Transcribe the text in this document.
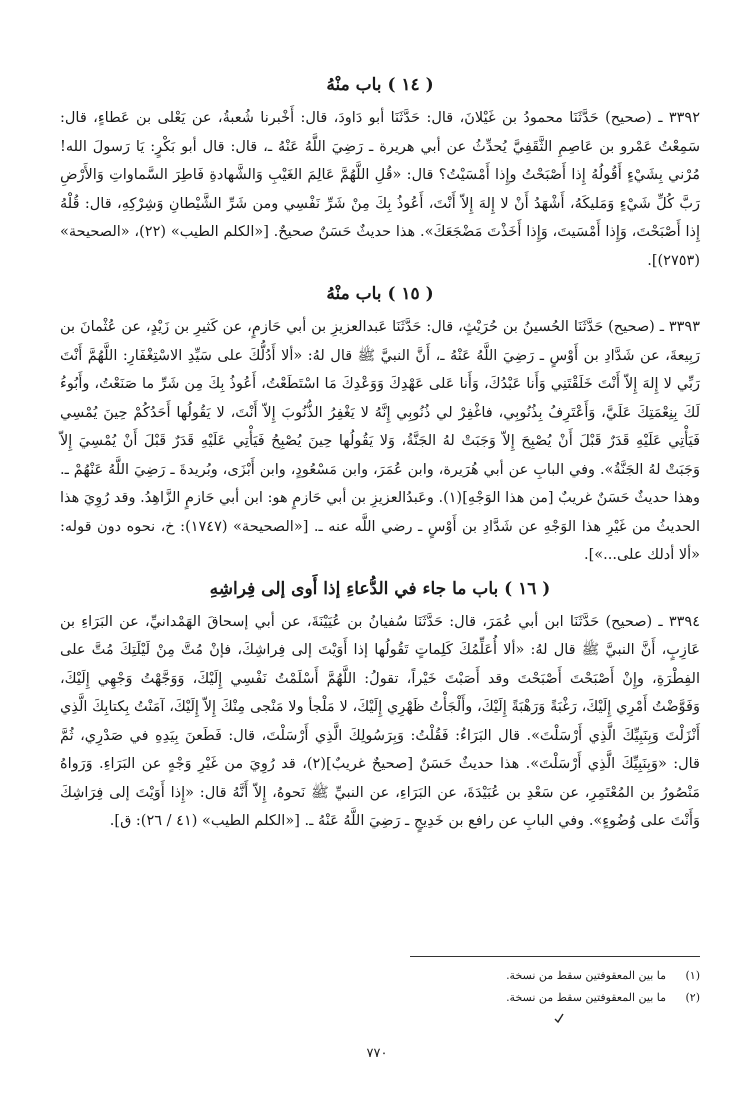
( ١٤ ) باب منْهُ

٣٣٩٢ ـ (صحيح) حَدَّثَنَا محمودُ بن غَيْلانَ، قال: حَدَّثَنَا أبو دَاودَ، قال: أَخْبرنا شُعبةُ، عن يَعْلى بن عَطاءٍ، قال: سَمِعْتُ عَمْرو بن عَاصِمِ الثَّقَفِيَّ يُحدِّثُ عن أبي هريرة ـ رَضِيَ اللَّهُ عَنْهُ ـ، قال: قال أبو بَكْرٍ: يَا رَسولَ الله! مُرْني بِشَيْءٍ أَقُولُهُ إِذا أَصْبَحْتُ وإِذا أَمْسَيْتُ؟ قال: «قُلِ اللَّهُمَّ عَالِمَ الغَيْبِ وَالشَّهادةِ فَاطِرَ السَّماواتِ وَالأَرْضِ رَبَّ كُلِّ شَيْءٍ وَمَليكَهُ، أَشْهَدُ أَنْ لا إِلهَ إِلاّ أَنْتَ، أَعُوذُ بِكَ مِنْ شَرِّ نَفْسِي ومن شَرِّ الشَّيْطانِ وَشِرْكِهِ، قال: قُلْهُ إِذا أَصْبَحْتَ، وَإِذا أَمْسَيتَ، وَإِذا أَخَذْتَ مَضْجَعَكَ». هذا حديثٌ حَسَنٌ صحيحٌ. [«الكلم الطيب» (٢٢)، «الصحيحة» (٢٧٥٣)].

( ١٥ ) باب منْهُ

٣٣٩٣ ـ (صحيح) حَدَّثَنَا الحُسينُ بن حُرَيْثٍ، قال: حَدَّثَنَا عَبدالعزيزِ بن أبي حَازمٍ، عن كَثيرِ بن زَيْدٍ، عن عُثْمانَ بن رَبِيعةَ، عن شَدَّادِ بن أَوْسٍ ـ رَضِيَ اللَّهُ عَنْهُ ـ، أَنَّ النبيَّ ﷺ قال لهُ: «ألا أَدُلُّكَ على سَيِّدِ الاسْتِغْفَارِ: اللَّهُمَّ أَنْتَ رَبِّي لا إِلهَ إِلاّ أَنْتَ خَلَقْتَنِي وَأَنا عَبْدُكَ، وَأَنا عَلى عَهْدِكَ وَوَعْدِكَ مَا اسْتَطَعْتُ، أَعُوذُ بِكَ مِن شَرِّ ما صَنَعْتُ، وأَبُوءُ لَكَ بِنِعْمَتِكَ عَلَيَّ، وَأَعْتَرِفُ بِذُنُوبِي، فاغْفِرْ لي ذُنُوبِي إِنَّهُ لا يَغْفِرُ الذُّنُوبَ إِلاّ أَنْتَ، لا يَقُولُها أَحَدُكُمْ حِينَ يُمْسِي فَيَأْتِي عَلَيْهِ قَدَرٌ قَبْلَ أَنْ يُصْبِحَ إِلاّ وَجَبَتْ لهُ الجَنَّةُ، وَلا يَقُولُها حِينَ يُصْبِحُ فَيَأْتِي عَلَيْهِ قَدَرٌ قَبْلَ أَنْ يُمْسِيَ إِلاّ وَجَبَتْ لهُ الجَنَّةُ». وفي البابِ عن أبي هُرَيرة، وابن عُمَرَ، وابن مَسْعُودٍ، وابن أَبْزَى، وبُريدةَ ـ رَضِيَ اللَّهُ عَنْهُمْ ـ. وهذا حديثٌ حَسَنٌ غريبٌ [من هذا الوَجْهِ](١). وعَبدُالعزيزِ بن أبي حَازمٍ هو: ابن أبي حَازمٍ الزَّاهِدُ. وقد رُوِيَ هذا الحديثُ من غَيْرِ هذا الوَجْهِ عن شَدَّادِ بن أَوْسٍ ـ رضي اللَّه عنه ـ. [«الصحيحة» (١٧٤٧): خ، نحوه دون قوله: «ألا أدلك على...»].

( ١٦ ) باب ما جاء في الدُّعاءِ إذا أَوى إلى فِراشِهِ

٣٣٩٤ ـ (صحيح) حَدَّثَنَا ابن أبي عُمَرَ، قال: حَدَّثَنَا سُفيانُ بن عُيَيْنَةَ، عن أبي إسحاقَ الهَمْدانيِّ، عن البَرَاءِ بن عَازِبٍ، أَنَّ النبيَّ ﷺ قال لهُ: «ألا أُعَلِّمُكَ كَلِماتٍ تَقُولُها إذا أَوَيْتَ إلى فِراشِكَ، فإنْ مُتَّ مِنْ لَيْلَتِكَ مُتَّ على الفِطْرَةِ، وإِنْ أَصْبَحْتَ أَصْبَحْتَ وقد أَصَبْتَ خَيْراً، تقولُ: اللَّهُمَّ أَسْلَمْتُ نَفْسِي إِلَيْكَ، وَوَجَّهْتُ وَجْهِي إِلَيْكَ، وَفَوَّضْتُ أَمْرِي إِلَيْكَ، رَغْبَةً وَرَهْبَةً إِلَيْكَ، وأَلْجَأْتُ ظَهْرِي إِلَيْكَ، لا مَلْجأ ولا مَنْجى مِنْكَ إِلاّ إِلَيْكَ، آمَنْتُ بِكتابِكَ الَّذِي أَنْزَلْتَ وَبِنَبِيِّكَ الَّذِي أَرْسَلْتَ». قال البَرَاءُ: فَقُلْتُ: وَبِرَسُولِكَ الَّذِي أَرْسَلْتَ، قال: فَطَعنَ بِيَدِهِ في صَدْرِي، ثُمَّ قال: «وَبِنَبِيِّكَ الَّذِي أَرْسَلْتَ». هذا حديثٌ حَسَنٌ [صحيحٌ غريبٌ](٢)، قد رُوِيَ من غَيْرِ وَجْهٍ عن البَرَاءِ. وَرَواهُ مَنْصُورُ بن المُعْتَمِرِ، عن سَعْدِ بن عُبَيْدَةَ، عن البَرَاءِ، عن النبيِّ ﷺ نَحوهُ، إِلاّ أَنَّهُ قال: «إِذا أَوَيْتَ إلى فِرَاشِكَ وَأَنْتَ على وُضُوءٍ». وفي البابِ عن رافع بن خَدِيجٍ ـ رَضِيَ اللَّهُ عَنْهُ ـ. [«الكلم الطيب» (٤١ / ٢٦): ق].

(١)ما بين المعقوفتين سقط من نسخة.

(٢)ما بين المعقوفتين سقط من نسخة.

٧٧٠
